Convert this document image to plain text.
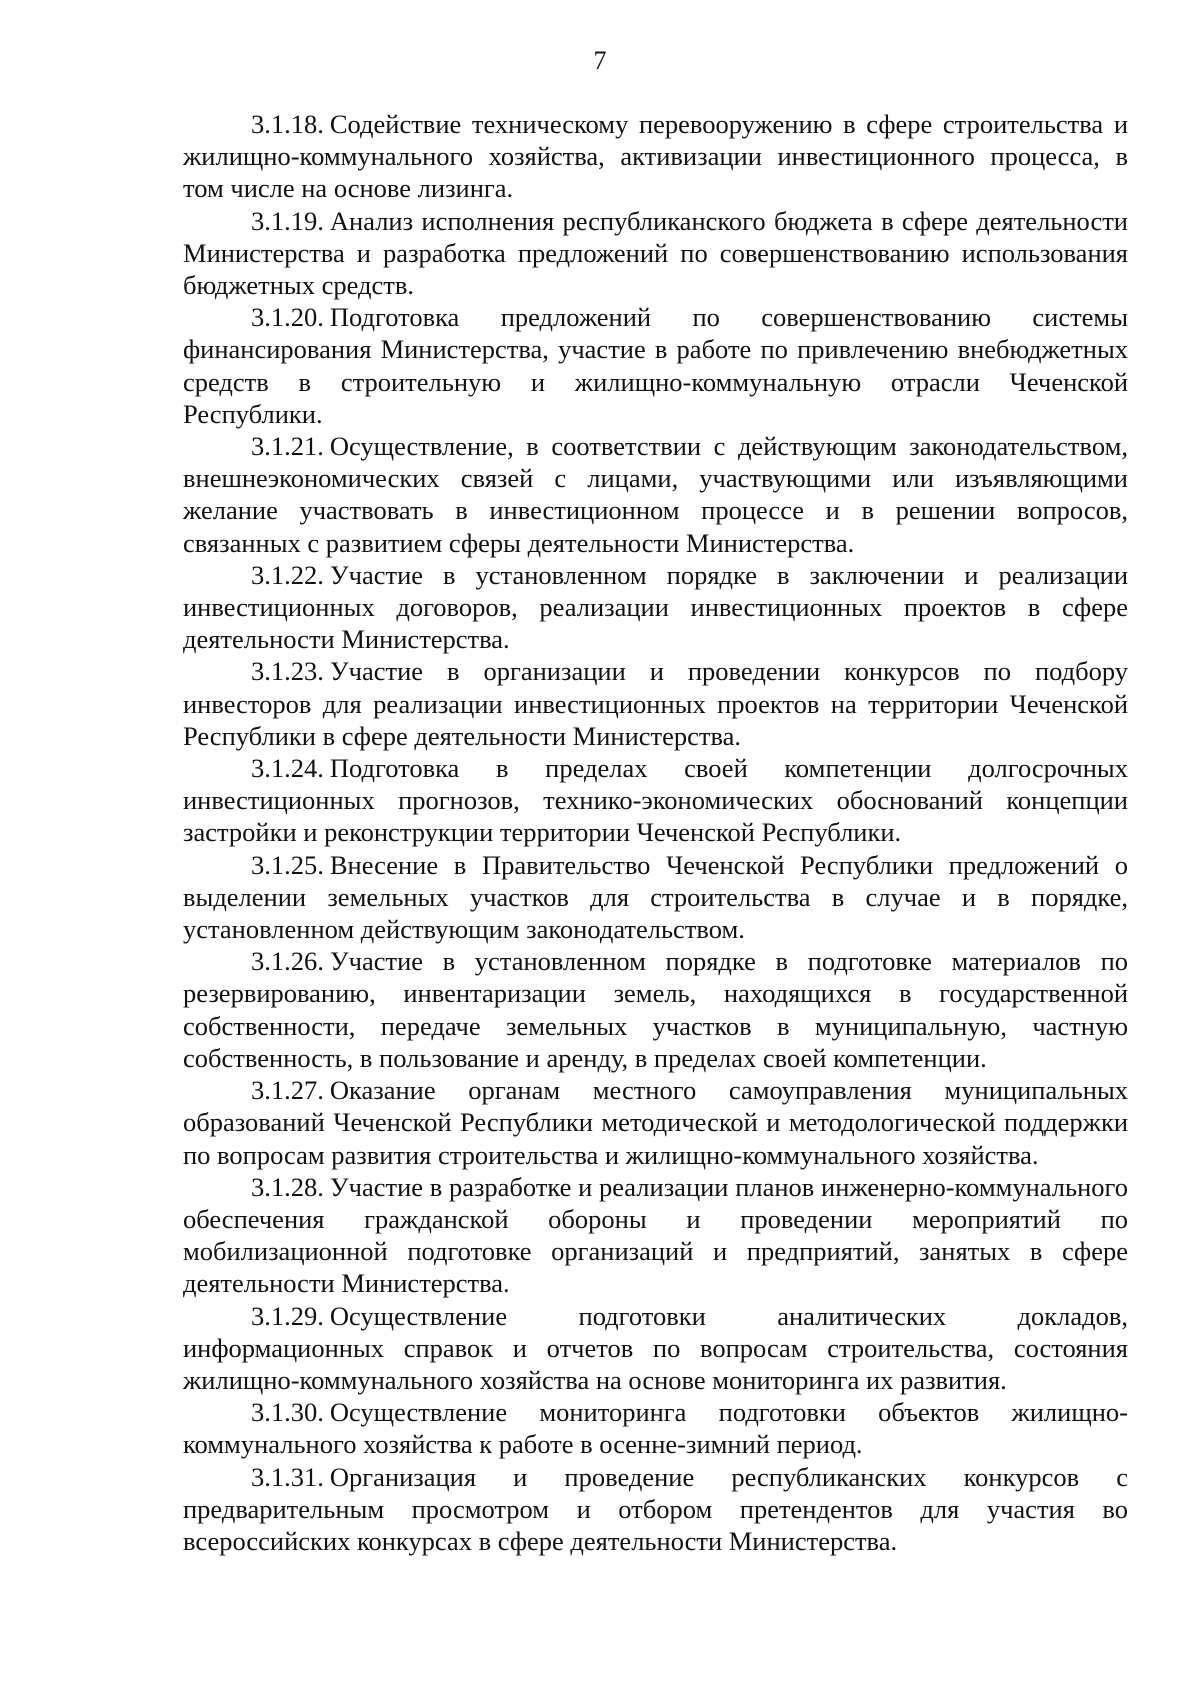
7

3.1.18. Содействие техническому перевооружению в сфере строительства и жилищно-коммунального хозяйства, активизации инвестиционного процесса, в том числе на основе лизинга.

3.1.19. Анализ исполнения республиканского бюджета в сфере деятельности Министерства и разработка предложений по совершенствованию использования бюджетных средств.

3.1.20. Подготовка предложений по совершенствованию системы финансирования Министерства, участие в работе по привлечению внебюджетных средств в строительную и жилищно-коммунальную отрасли Чеченской Республики.

3.1.21. Осуществление, в соответствии с действующим законодательством, внешнеэкономических связей с лицами, участвующими или изъявляющими желание участвовать в инвестиционном процессе и в решении вопросов, связанных с развитием сферы деятельности Министерства.

3.1.22. Участие в установленном порядке в заключении и реализации инвестиционных договоров, реализации инвестиционных проектов в сфере деятельности Министерства.

3.1.23. Участие в организации и проведении конкурсов по подбору инвесторов для реализации инвестиционных проектов на территории Чеченской Республики в сфере деятельности Министерства.

3.1.24. Подготовка в пределах своей компетенции долгосрочных инвестиционных прогнозов, технико-экономических обоснований концепции застройки и реконструкции территории Чеченской Республики.

3.1.25. Внесение в Правительство Чеченской Республики предложений о выделении земельных участков для строительства в случае и в порядке, установленном действующим законодательством.

3.1.26. Участие в установленном порядке в подготовке материалов по резервированию, инвентаризации земель, находящихся в государственной собственности, передаче земельных участков в муниципальную, частную собственность, в пользование и аренду, в пределах своей компетенции.

3.1.27. Оказание органам местного самоуправления муниципальных образований Чеченской Республики методической и методологической поддержки по вопросам развития строительства и жилищно-коммунального хозяйства.

3.1.28. Участие в разработке и реализации планов инженерно-коммунального обеспечения гражданской обороны и проведении мероприятий по мобилизационной подготовке организаций и предприятий, занятых в сфере деятельности Министерства.

3.1.29. Осуществление подготовки аналитических докладов, информационных справок и отчетов по вопросам строительства, состояния жилищно-коммунального хозяйства на основе мониторинга их развития.

3.1.30. Осуществление мониторинга подготовки объектов жилищно-коммунального хозяйства к работе в осенне-зимний период.

3.1.31. Организация и проведение республиканских конкурсов с предварительным просмотром и отбором претендентов для участия во всероссийских конкурсах в сфере деятельности Министерства.
